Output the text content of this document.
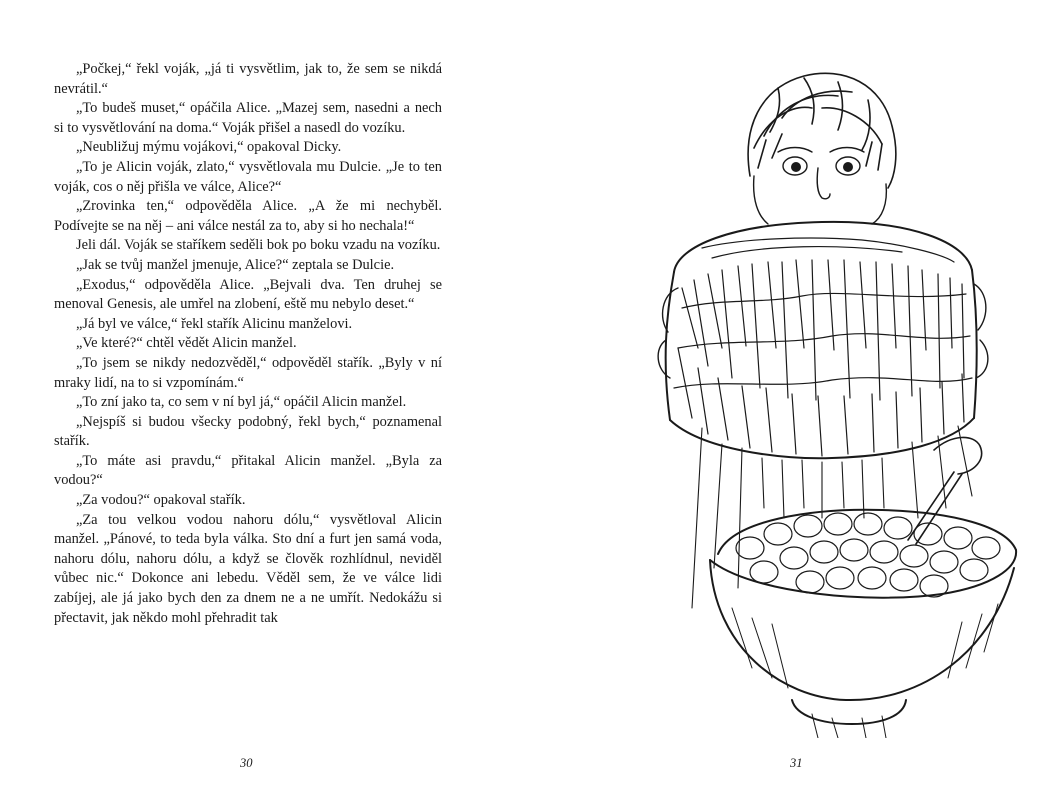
„Počkej,“ řekl voják, „já ti vysvětlim, jak to, že sem se nikdá nevrátil.“

„To budeš muset,“ opáčila Alice. „Mazej sem, nasedni a nech si to vysvětlování na doma.“ Voják přišel a nasedl do vozíku.

„Neubližuj mýmu vojákovi,“ opakoval Dicky.

„To je Alicin voják, zlato,“ vysvětlovala mu Dulcie. „Je to ten voják, cos o něj přišla ve válce, Alice?“

„Zrovinka ten,“ odpověděla Alice. „A že mi nechyběl. Podívejte se na něj – ani válce nestál za to, aby si ho nechala!“

Jeli dál. Voják se staříkem seděli bok po boku vzadu na vozíku.

„Jak se tvůj manžel jmenuje, Alice?“ zeptala se Dulcie.

„Exodus,“ odpověděla Alice. „Bejvali dva. Ten druhej se menoval Genesis, ale umřel na zlobení, eště mu nebylo deset.“

„Já byl ve válce,“ řekl stařík Alicinu manželovi.

„Ve které?“ chtěl vědět Alicin manžel.

„To jsem se nikdy nedozvěděl,“ odpověděl stařík. „Byly v ní mraky lidí, na to si vzpomínám.“

„To zní jako ta, co sem v ní byl já,“ opáčil Alicin manžel.

„Nejspíš si budou všecky podobný, řekl bych,“ poznamenal stařík.

„To máte asi pravdu,“ přitakal Alicin manžel. „Byla za vodou?“

„Za vodou?“ opakoval stařík.

„Za tou velkou vodou nahoru dólu,“ vysvětloval Alicin manžel. „Pánové, to teda byla válka. Sto dní a furt jen samá voda, nahoru dólu, nahoru dólu, a když se člověk rozhlídnul, neviděl vůbec nic.“ Dokonce ani lebedu. Věděl sem, že ve válce lidi zabíjej, ale já jako bych den za dnem ne a ne umřít. Nedokážu si přectavit, jak někdo mohl přehradit tak

30	31
